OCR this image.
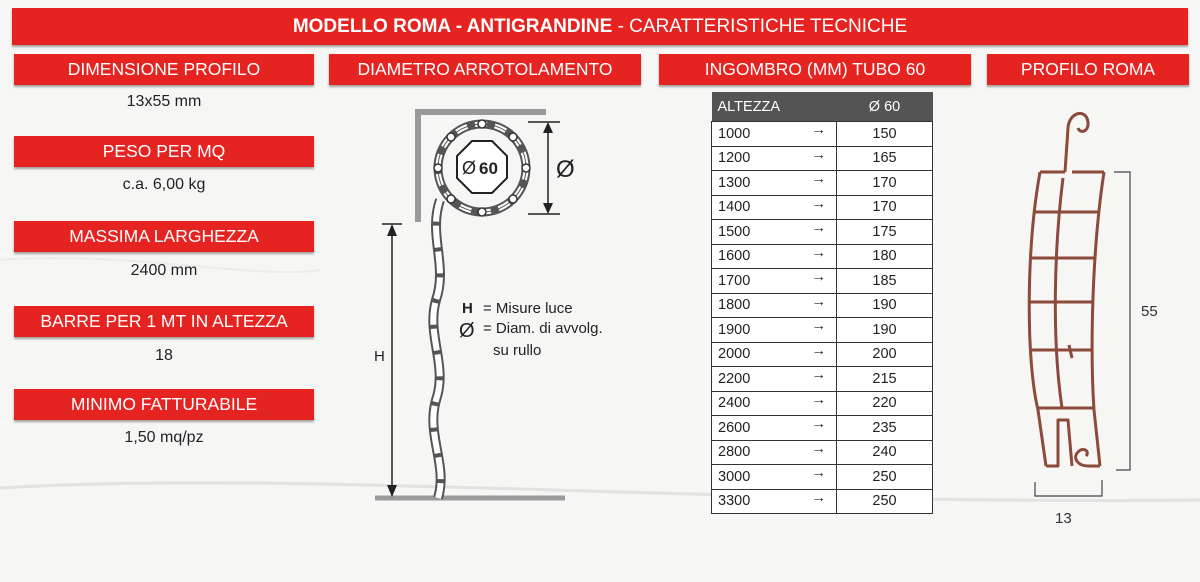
MODELLO ROMA - ANTIGRANDINE - CARATTERISTICHE TECNICHE
DIMENSIONE PROFILO	DIAMETRO ARROTOLAMENTO	INGOMBRO (MM) TUBO 60	PROFILO ROMA
13x55 mm
PESO PER MQ
c.a. 6,00 kg
MASSIMA LARGHEZZA
2400 mm
BARRE PER 1 MT IN ALTEZZA
18
MINIMO FATTURABILE
1,50 mq/pz
Ø 60 Ø
H
H = Misure luce
Ø = Diam. di avvolg.
su rullo
ALTEZZA	Ø 60
1000 →	150
1200 →	165
1300 →	170
1400 →	170
1500 →	175
1600 →	180
1700 →	185
1800 →	190
1900 →	190
2000 →	200
2200 →	215
2400 →	220
2600 →	235
2800 →	240
3000 →	250
3300 →	250
55
13
